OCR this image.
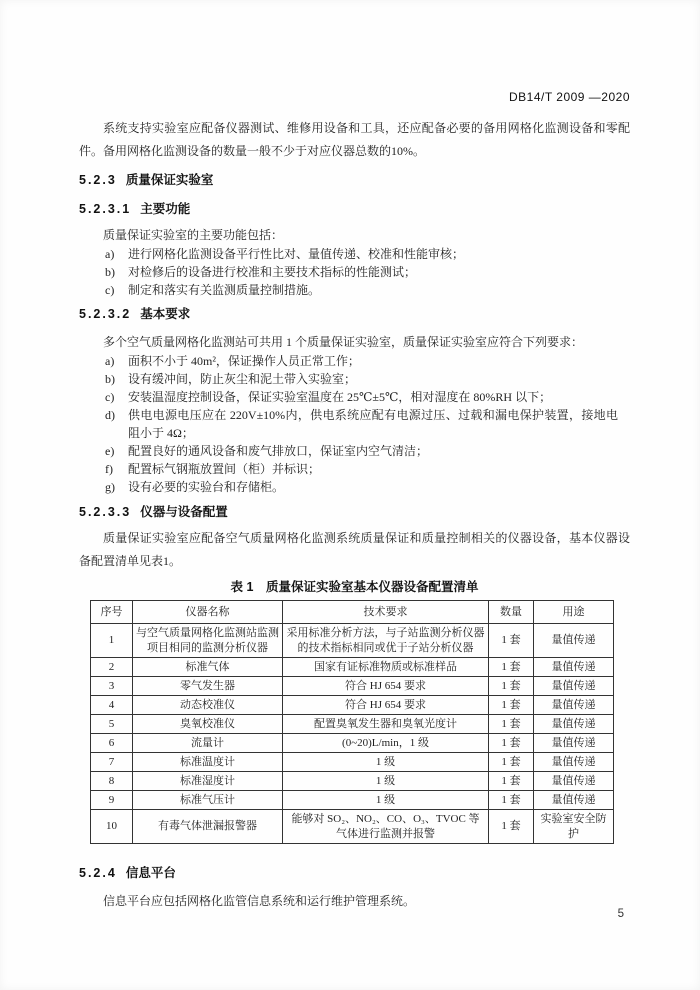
DB14/T 2009 —2020

系统支持实验室应配备仪器测试、维修用设备和工具，还应配备必要的备用网格化监测设备和零配件。备用网格化监测设备的数量一般不少于对应仪器总数的10%。

5.2.3 质量保证实验室
5.2.3.1 主要功能

质量保证实验室的主要功能包括：

a)	进行网格化监测设备平行性比对、量值传递、校准和性能审核；
b)	对检修后的设备进行校准和主要技术指标的性能测试；
c)	制定和落实有关监测质量控制措施。
5.2.3.2 基本要求

多个空气质量网格化监测站可共用 1 个质量保证实验室，质量保证实验室应符合下列要求：

a)	面积不小于 40m²，保证操作人员正常工作；
b)	设有缓冲间，防止灰尘和泥土带入实验室；
c)	安装温湿度控制设备，保证实验室温度在 25℃±5℃，相对湿度在 80%RH 以下；
d)	供电电源电压应在 220V±10%内，供电系统应配有电源过压、过载和漏电保护装置，接地电阻小于 4Ω；
e)	配置良好的通风设备和废气排放口，保证室内空气清洁；
f)	配置标气钢瓶放置间（柜）并标识；
g)	设有必要的实验台和存储柜。
5.2.3.3 仪器与设备配置

质量保证实验室应配备空气质量网格化监测系统质量保证和质量控制相关的仪器设备，基本仪器设备配置清单见表1。

表 1　质量保证实验室基本仪器设备配置清单
序号	仪器名称	技术要求	数量	用途
1	与空气质量网格化监测站监测项目相同的监测分析仪器	采用标准分析方法，与子站监测分析仪器的技术指标相同或优于子站分析仪器	1 套	量值传递
2	标准气体	国家有证标准物质或标准样品	1 套	量值传递
3	零气发生器	符合 HJ 654 要求	1 套	量值传递
4	动态校准仪	符合 HJ 654 要求	1 套	量值传递
5	臭氧校准仪	配置臭氧发生器和臭氧光度计	1 套	量值传递
6	流量计	(0~20)L/min，1 级	1 套	量值传递
7	标准温度计	1 级	1 套	量值传递
8	标准湿度计	1 级	1 套	量值传递
9	标准气压计	1 级	1 套	量值传递
10	有毒气体泄漏报警器	能够对 SO₂、NO₂、CO、O₃、TVOC 等气体进行监测并报警	1 套	实验室安全防护
5.2.4 信息平台

信息平台应包括网格化监管信息系统和运行维护管理系统。

5
